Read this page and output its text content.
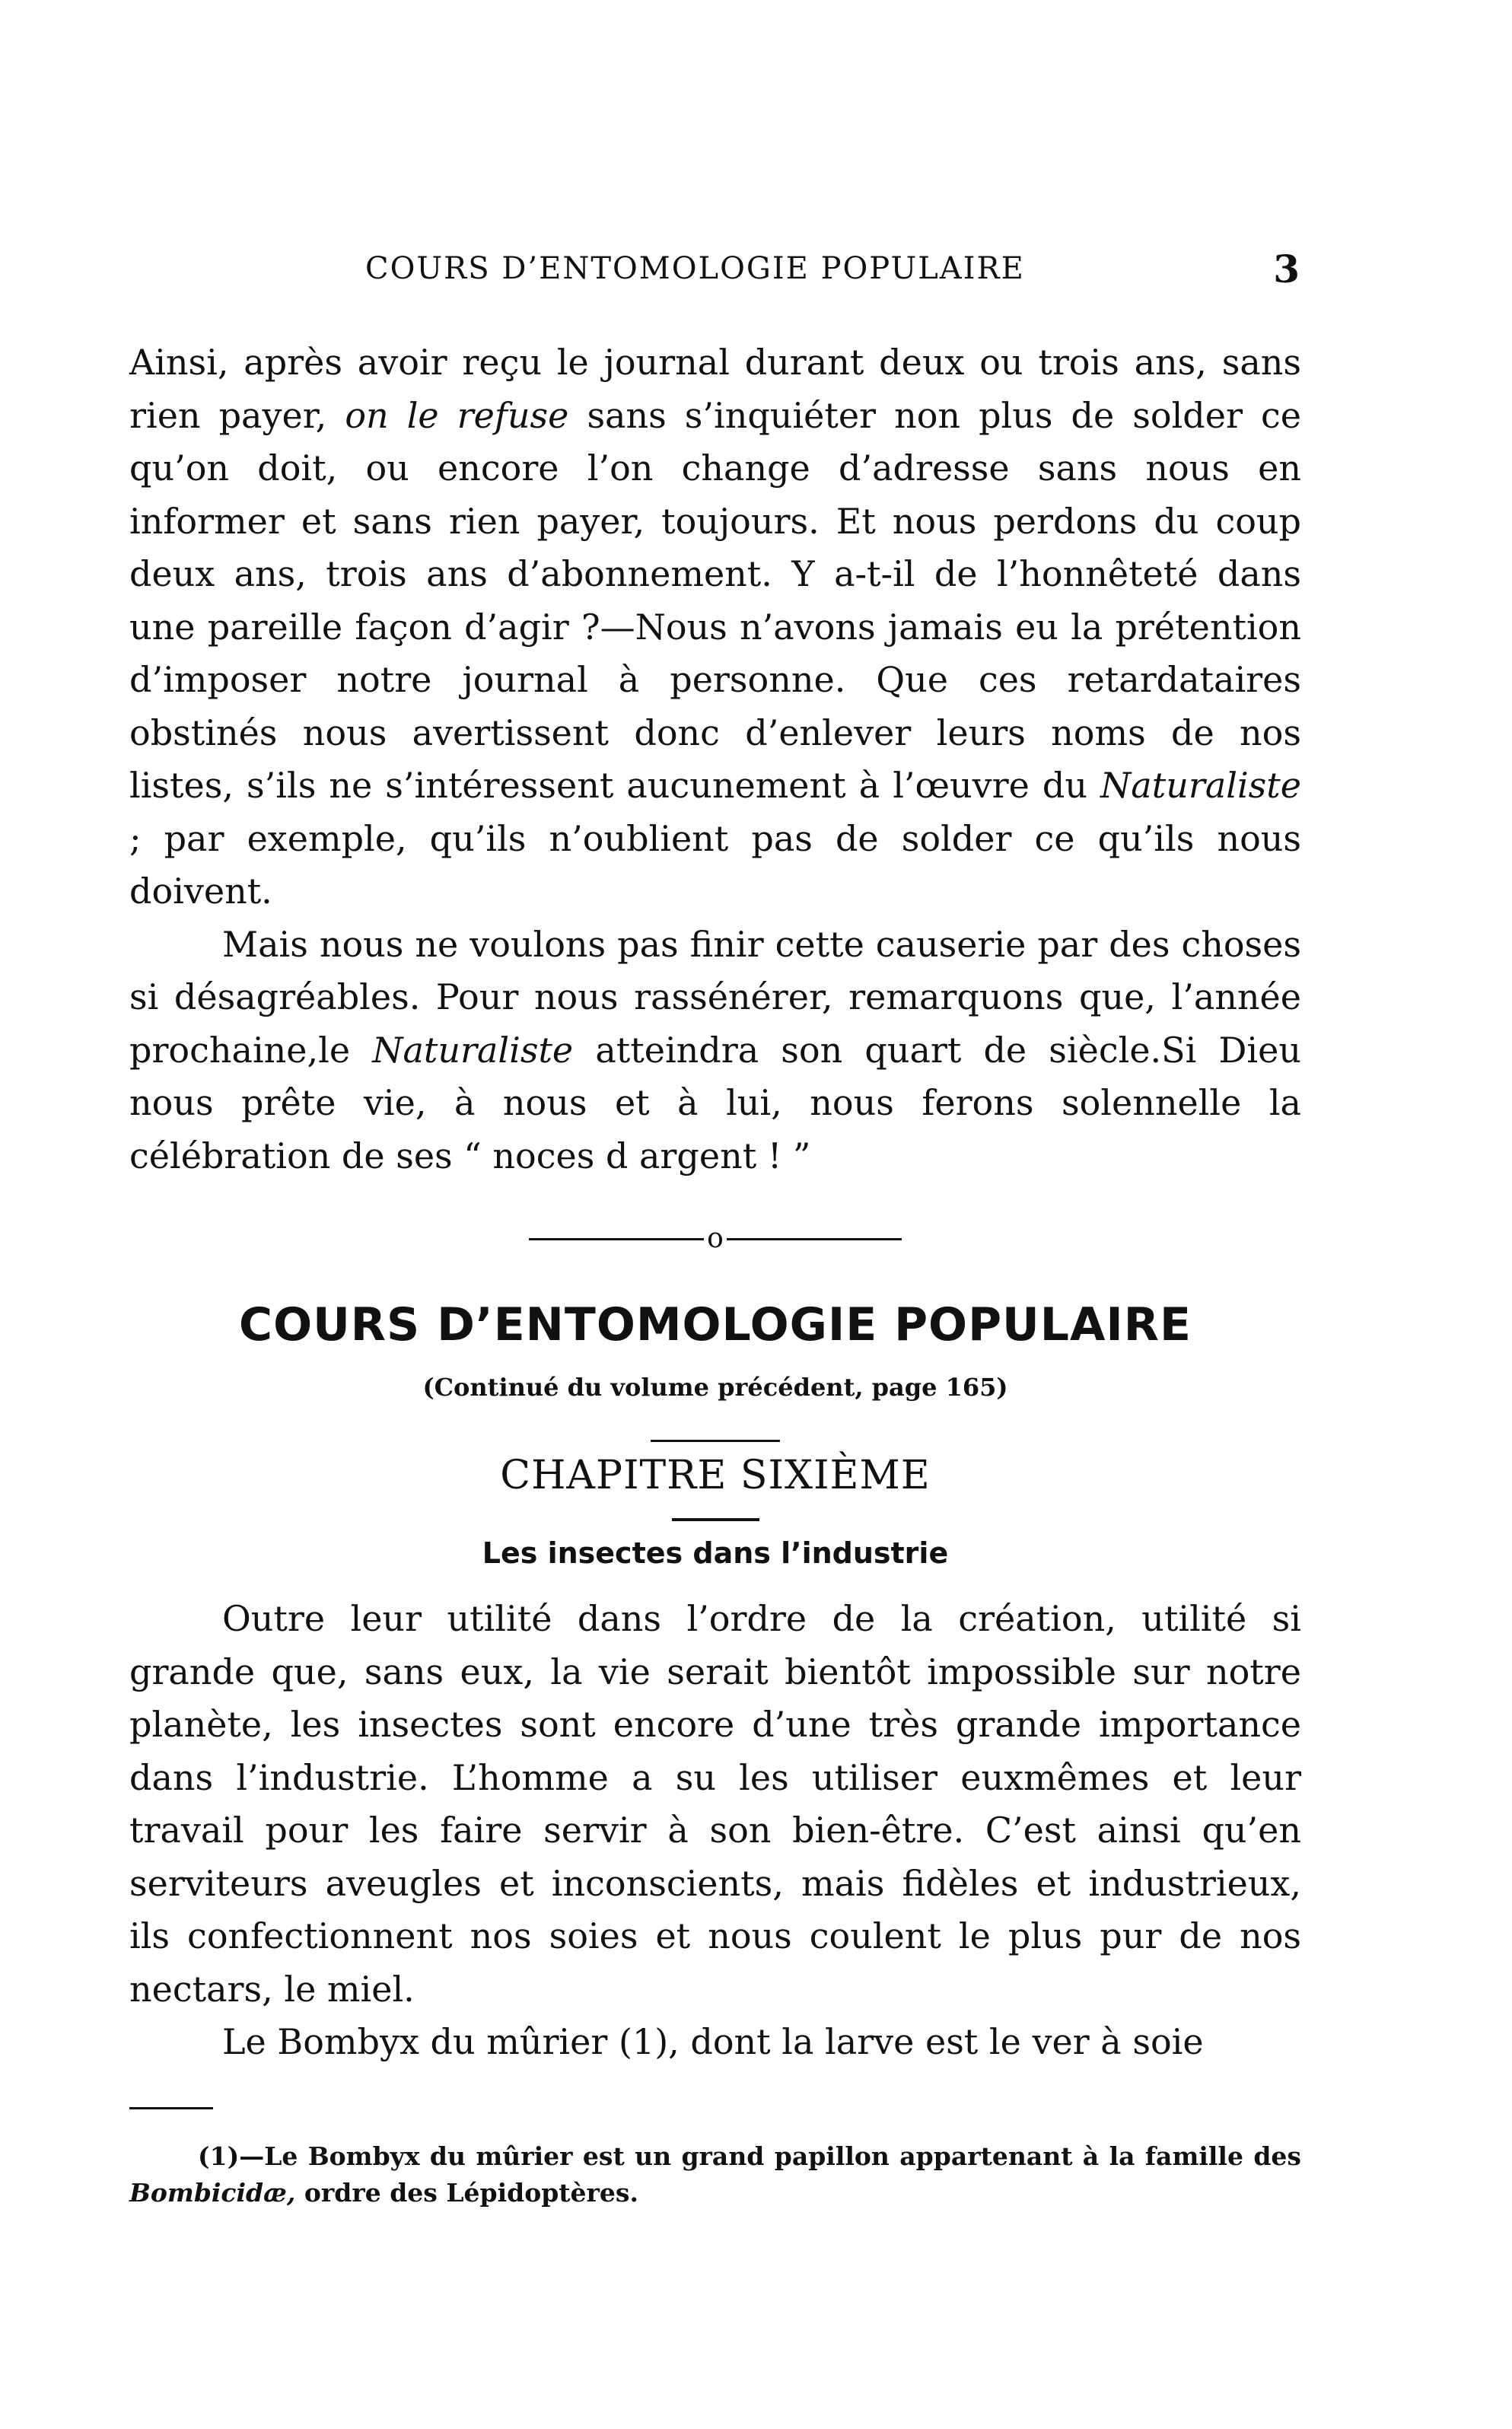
COURS D’ENTOMOLOGIE POPULAIRE	3

Ainsi, après avoir reçu le journal durant deux ou trois ans, sans rien payer, on le refuse sans s’inquiéter non plus de solder ce qu’on doit, ou encore l’on change d’adresse sans nous en informer et sans rien payer, toujours. Et nous perdons du coup deux ans, trois ans d’abonnement. Y a-t-il de l’honnêteté dans une pareille façon d’agir ?—Nous n’avons jamais eu la prétention d’imposer notre journal à personne. Que ces retardataires obstinés nous avertissent donc d’enlever leurs noms de nos listes, s’ils ne s’intéressent aucunement à l’œuvre du Naturaliste ; par exemple, qu’ils n’oublient pas de solder ce qu’ils nous doivent.

Mais nous ne voulons pas finir cette causerie par des choses si désagréables. Pour nous rassénérer, remarquons que, l’année prochaine,le Naturaliste atteindra son quart de siècle.Si Dieu nous prête vie, à nous et à lui, nous ferons solennelle la célébration de ses “ noces d argent ! ”

o
COURS D’ENTOMOLOGIE POPULAIRE
(Continué du volume précédent, page 165)
CHAPITRE SIXIÈME
Les insectes dans l’industrie

Outre leur utilité dans l’ordre de la création, utilité si grande que, sans eux, la vie serait bientôt impossible sur notre planète, les insectes sont encore d’une très grande importance dans l’industrie. L’homme a su les utiliser euxmêmes et leur travail pour les faire servir à son bien-être. C’est ainsi qu’en serviteurs aveugles et inconscients, mais fidèles et industrieux, ils confectionnent nos soies et nous coulent le plus pur de nos nectars, le miel.

Le Bombyx du mûrier (1), dont la larve est le ver à soie

(1)—Le Bombyx du mûrier est un grand papillon appartenant à la famille des Bombicidæ, ordre des Lépidoptères.
